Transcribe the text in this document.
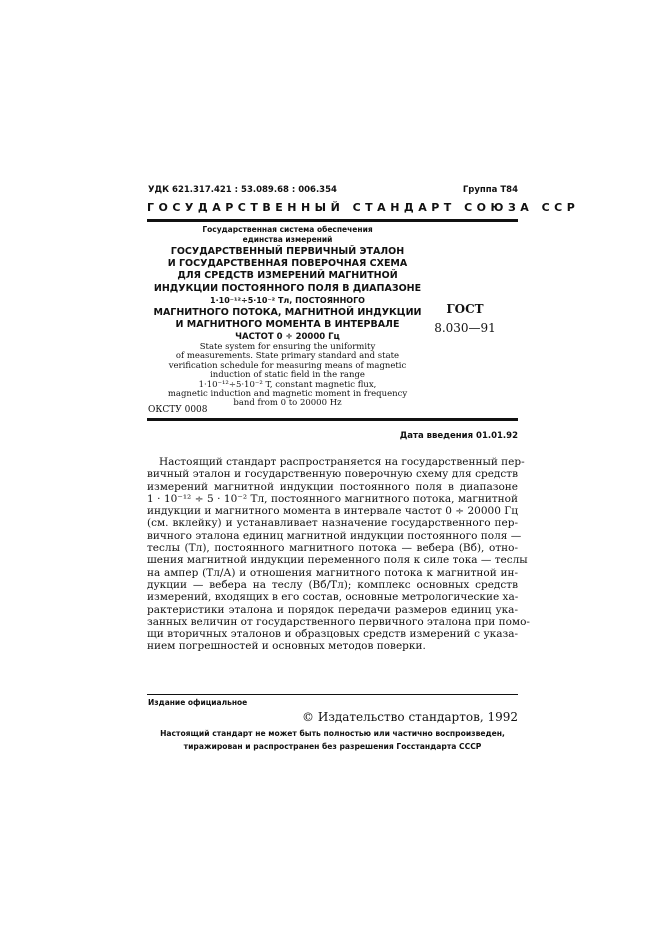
УДК 621.317.421 : 53.089.68 : 006.354	Группа Т84
ГОСУДАРСТВЕННЫЙ СТАНДАРТ СОЮЗА ССР
Государственная система обеспечения
единства измерений
ГОСУДАРСТВЕННЫЙ ПЕРВИЧНЫЙ ЭТАЛОН
И ГОСУДАРСТВЕННАЯ ПОВЕРОЧНАЯ СХЕМА
ДЛЯ СРЕДСТВ ИЗМЕРЕНИЙ МАГНИТНОЙ
ИНДУКЦИИ ПОСТОЯННОГО ПОЛЯ В ДИАПАЗОНЕ
1·10⁻¹²÷5·10⁻² Тл, ПОСТОЯННОГО
МАГНИТНОГО ПОТОКА, МАГНИТНОЙ ИНДУКЦИИ
И МАГНИТНОГО МОМЕНТА В ИНТЕРВАЛЕ
ЧАСТОТ 0 ÷ 20000 Гц
State system for ensuring the uniformity
of measurements. State primary standard and state
verification schedule for measuring means of magnetic
induction of static field in the range
1·10⁻¹²÷5·10⁻² T, constant magnetic flux,
magnetic induction and magnetic moment in frequency
band from 0 to 20000 Hz
ОКСТУ 0008
ГОСТ
8.030—91
Дата введения 01.01.92
Настоящий стандарт распространяется на государственный пер-
вичный эталон и государственную поверочную схему для средств
измерений магнитной индукции постоянного поля в диапазоне
1 · 10⁻¹² ÷ 5 · 10⁻² Тл, постоянного магнитного потока, магнитной
индукции и магнитного момента в интервале частот 0 ÷ 20000 Гц
(см. вклейку) и устанавливает назначение государственного пер-
вичного эталона единиц магнитной индукции постоянного поля —
теслы (Тл), постоянного магнитного потока — вебера (Вб), отно-
шения магнитной индукции переменного поля к силе тока — теслы
на ампер (Тл/А) и отношения магнитного потока к магнитной ин-
дукции — вебера на теслу (Вб/Тл); комплекс основных средств
измерений, входящих в его состав, основные метрологические ха-
рактеристики эталона и порядок передачи размеров единиц ука-
занных величин от государственного первичного эталона при помо-
щи вторичных эталонов и образцовых средств измерений с указа-
нием погрешностей и основных методов поверки.
Издание официальное
© Издательство стандартов, 1992
Настоящий стандарт не может быть полностью или частично воспроизведен,
тиражирован и распространен без разрешения Госстандарта СССР
